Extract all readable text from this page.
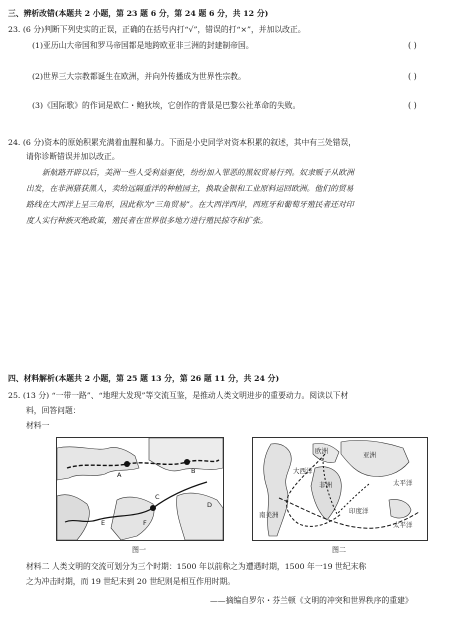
三、辨析改错(本题共 2 小题，第 23 题 6 分，第 24 题 6 分，共 12 分)
23. (6 分)判断下列史实的正误，正确的在括号内打“√”，错误的打“×”，并加以改正。
(1)亚历山大帝国和罗马帝国都是地跨欧亚非三洲的封建制帝国。	( )
(2)世界三大宗教都诞生在欧洲，并向外传播成为世界性宗教。	( )
(3)《国际歌》的作词是欧仁・鲍狄埃，它创作的背景是巴黎公社革命的失败。	( )
24. (6 分)资本的原始积累充满着血腥和暴力。下面是小史同学对资本积累的叙述，其中有三处错误，
请你诊断错误并加以改正。
新航路开辟以后，美洲一些人受利益驱使，纷纷加入罪恶的黑奴贸易行列。奴隶贩子从欧洲
出发，在非洲猎获黑人，卖给远隔重洋的种植园主，换取金银和工业原料运回欧洲。他们的贸易
路线在大西洋上呈三角形，因此称为“三角贸易”。在大西洋西岸，西班牙和葡萄牙殖民者还对印
度人实行种族灭绝政策，殖民者在世界很多地方进行殖民掠夺和扩张。
四、材料解析(本题共 2 小题，第 25 题 13 分，第 26 题 11 分，共 24 分)
25. (13 分) “一带一路”、“地理大发现”等交流互鉴，是推动人类文明进步的重要动力。阅读以下材
料，回答问题：
材料一
A	B
C
D
E	F
图一
欧洲	亚洲
非洲
大西洋
太平洋
印度洋
太平洋
南美洲
图二
材料二 人类文明的交流可划分为三个时期：1500 年以前称之为遭遇时期，1500 年一19 世纪末称
之为冲击时期，而 19 世纪末到 20 世纪则是相互作用时期。
——摘编自罗尔・芬兰顿《文明的冲突和世界秩序的重建》
